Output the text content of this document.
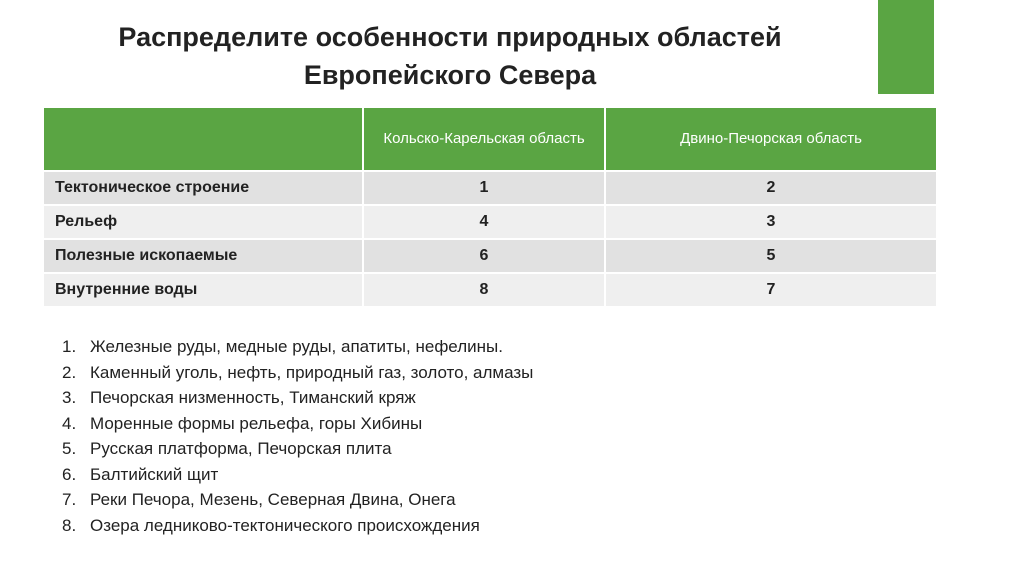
Распределите особенности природных областей
Европейского Севера
	Кольско-Карельская область	Двино-Печорская область
Тектоническое строение	1	2
Рельеф	4	3
Полезные ископаемые	6	5
Внутренние воды	8	7
1. Железные руды, медные руды, апатиты, нефелины.
2. Каменный уголь, нефть, природный газ, золото, алмазы
3. Печорская низменность, Тиманский кряж
4. Моренные формы рельефа, горы Хибины
5. Русская платформа, Печорская плита
6. Балтийский щит
7. Реки Печора, Мезень, Северная Двина, Онега
8. Озера ледниково-тектонического происхождения
